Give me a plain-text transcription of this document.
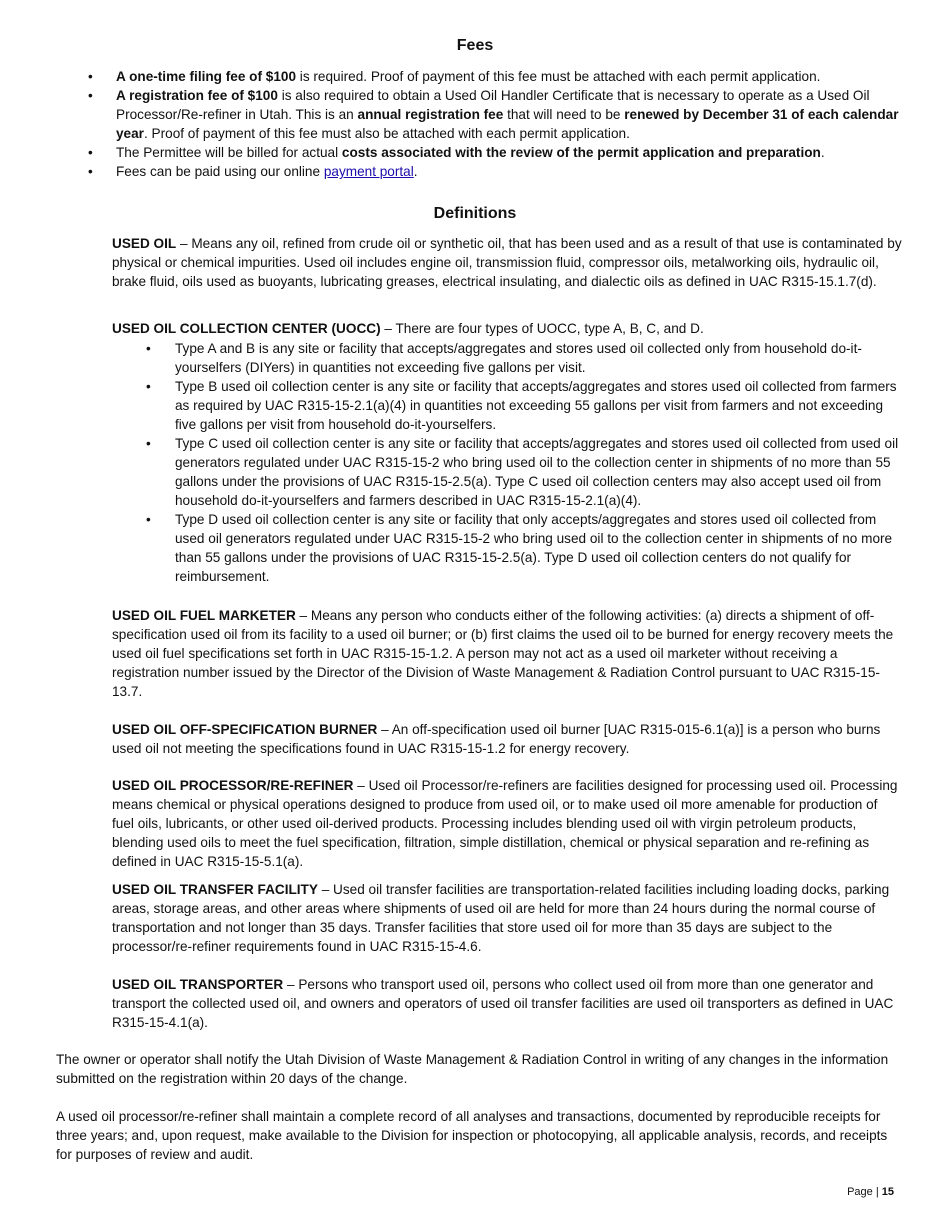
Fees
• A one-time filing fee of $100 is required. Proof of payment of this fee must be attached with each permit application.
• A registration fee of $100 is also required to obtain a Used Oil Handler Certificate that is necessary to operate as a Used Oil Processor/Re-refiner in Utah. This is an annual registration fee that will need to be renewed by December 31 of each calendar year. Proof of payment of this fee must also be attached with each permit application.
• The Permittee will be billed for actual costs associated with the review of the permit application and preparation.
• Fees can be paid using our online payment portal.
Definitions

USED OIL – Means any oil, refined from crude oil or synthetic oil, that has been used and as a result of that use is contaminated by physical or chemical impurities. Used oil includes engine oil, transmission fluid, compressor oils, metalworking oils, hydraulic oil, brake fluid, oils used as buoyants, lubricating greases, electrical insulating, and dialectic oils as defined in UAC R315-15.1.7(d).

USED OIL COLLECTION CENTER (UOCC) – There are four types of UOCC, type A, B, C, and D.

• Type A and B is any site or facility that accepts/aggregates and stores used oil collected only from household do-it-yourselfers (DIYers) in quantities not exceeding five gallons per visit.
• Type B used oil collection center is any site or facility that accepts/aggregates and stores used oil collected from farmers as required by UAC R315-15-2.1(a)(4) in quantities not exceeding 55 gallons per visit from farmers and not exceeding five gallons per visit from household do-it-yourselfers.
• Type C used oil collection center is any site or facility that accepts/aggregates and stores used oil collected from used oil generators regulated under UAC R315-15-2 who bring used oil to the collection center in shipments of no more than 55 gallons under the provisions of UAC R315-15-2.5(a). Type C used oil collection centers may also accept used oil from household do-it-yourselfers and farmers described in UAC R315-15-2.1(a)(4).
• Type D used oil collection center is any site or facility that only accepts/aggregates and stores used oil collected from used oil generators regulated under UAC R315-15-2 who bring used oil to the collection center in shipments of no more than 55 gallons under the provisions of UAC R315-15-2.5(a). Type D used oil collection centers do not qualify for reimbursement.

USED OIL FUEL MARKETER – Means any person who conducts either of the following activities: (a) directs a shipment of off-specification used oil from its facility to a used oil burner; or (b) first claims the used oil to be burned for energy recovery meets the used oil fuel specifications set forth in UAC R315-15-1.2. A person may not act as a used oil marketer without receiving a registration number issued by the Director of the Division of Waste Management & Radiation Control pursuant to UAC R315-15-13.7.

USED OIL OFF-SPECIFICATION BURNER – An off-specification used oil burner [UAC R315-015-6.1(a)] is a person who burns used oil not meeting the specifications found in UAC R315-15-1.2 for energy recovery.

USED OIL PROCESSOR/RE-REFINER – Used oil Processor/re-refiners are facilities designed for processing used oil. Processing means chemical or physical operations designed to produce from used oil, or to make used oil more amenable for production of fuel oils, lubricants, or other used oil-derived products. Processing includes blending used oil with virgin petroleum products, blending used oils to meet the fuel specification, filtration, simple distillation, chemical or physical separation and re-refining as defined in UAC R315-15-5.1(a).

USED OIL TRANSFER FACILITY – Used oil transfer facilities are transportation-related facilities including loading docks, parking areas, storage areas, and other areas where shipments of used oil are held for more than 24 hours during the normal course of transportation and not longer than 35 days. Transfer facilities that store used oil for more than 35 days are subject to the processor/re-refiner requirements found in UAC R315-15-4.6.

USED OIL TRANSPORTER – Persons who transport used oil, persons who collect used oil from more than one generator and transport the collected used oil, and owners and operators of used oil transfer facilities are used oil transporters as defined in UAC R315-15-4.1(a).

The owner or operator shall notify the Utah Division of Waste Management & Radiation Control in writing of any changes in the information submitted on the registration within 20 days of the change.

A used oil processor/re-refiner shall maintain a complete record of all analyses and transactions, documented by reproducible receipts for three years; and, upon request, make available to the Division for inspection or photocopying, all applicable analysis, records, and receipts for purposes of review and audit.

Page | 15
